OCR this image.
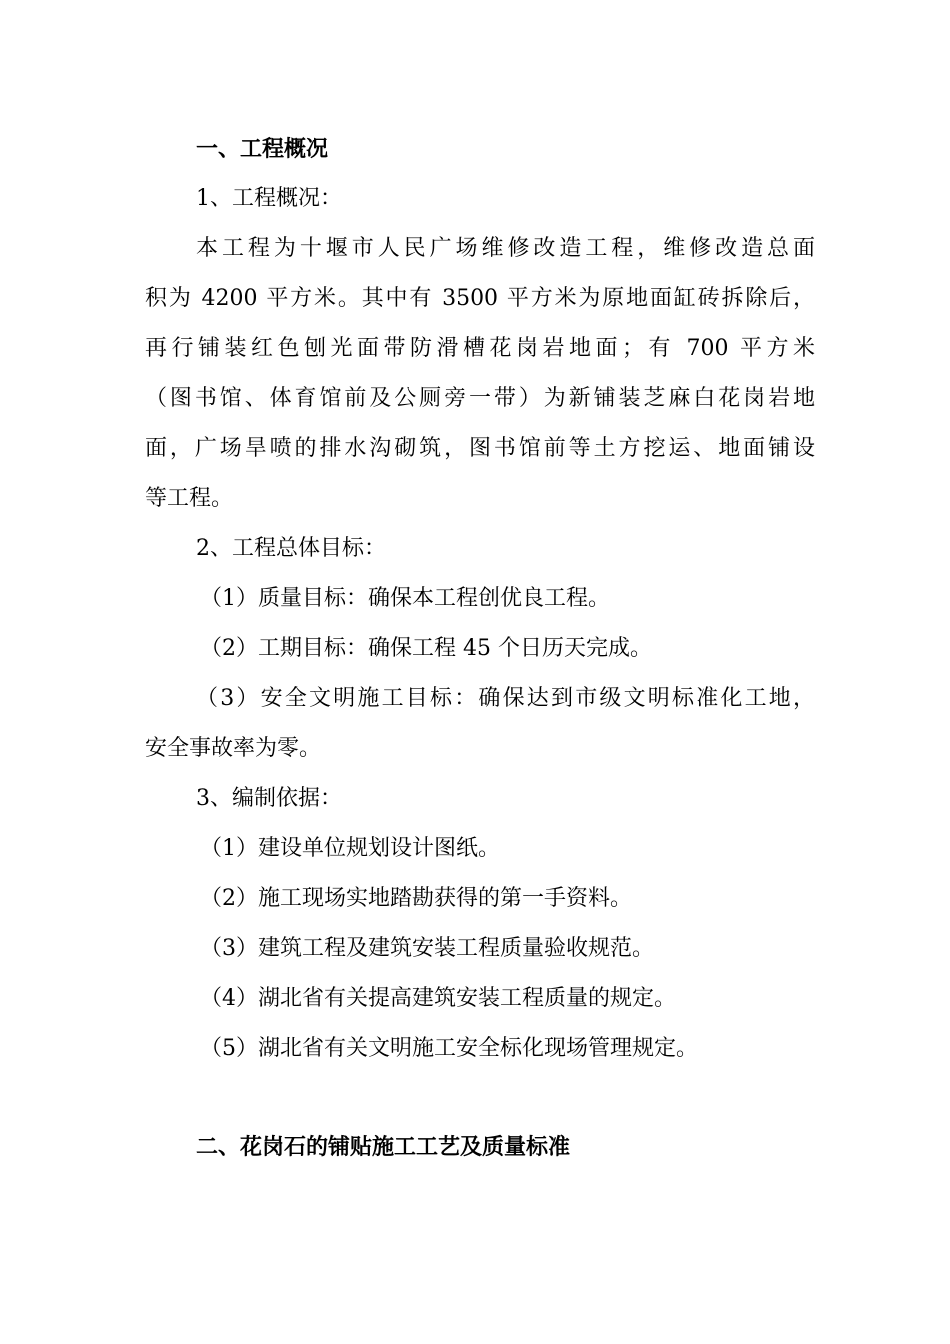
一、工程概况
1、工程概况：
本工程为十堰市人民广场维修改造工程，维修改造总面
积为 4200 平方米。其中有 3500 平方米为原地面缸砖拆除后，
再行铺装红色刨光面带防滑槽花岗岩地面；有 700 平方米
（图书馆、体育馆前及公厕旁一带）为新铺装芝麻白花岗岩地
面，广场旱喷的排水沟砌筑，图书馆前等土方挖运、地面铺设
等工程。
2、工程总体目标：
（1）质量目标：确保本工程创优良工程。
（2）工期目标：确保工程 45 个日历天完成。
（3）安全文明施工目标：确保达到市级文明标准化工地，
安全事故率为零。
3、编制依据：
（1）建设单位规划设计图纸。
（2）施工现场实地踏勘获得的第一手资料。
（3）建筑工程及建筑安装工程质量验收规范。
（4）湖北省有关提高建筑安装工程质量的规定。
（5）湖北省有关文明施工安全标化现场管理规定。
二、花岗石的铺贴施工工艺及质量标准
